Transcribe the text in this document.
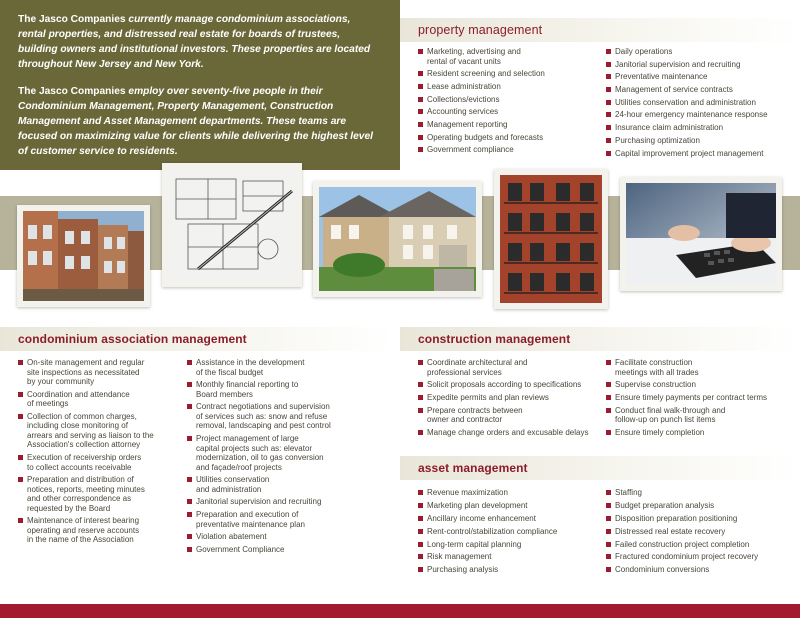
The Jasco Companies currently manage condominium associations, rental properties, and distressed real estate for boards of trustees, building owners and institutional investors. These properties are located throughout New Jersey and New York.

The Jasco Companies employ over seventy-five people in their Condominium Management, Property Management, Construction Management and Asset Management departments. These teams are focused on maximizing value for clients while delivering the highest level of customer service to residents.

property management
Marketing, advertising and
rental of vacant units
Resident screening and selection
Lease administration
Collections/evictions
Accounting services
Management reporting
Operating budgets and forecasts
Government compliance
Daily operations
Janitorial supervision and recruiting
Preventative maintenance
Management of service contracts
Utilities conservation and administration
24-hour emergency maintenance response
Insurance claim administration
Purchasing optimization
Capital improvement project management
condominium association management
On-site management and regular
site inspections as necessitated
by your community
Coordination and attendance
of meetings
Collection of common charges,
including close monitoring of
arrears and serving as liaison to the
Association's collection attorney
Execution of receivership orders
to collect accounts receivable
Preparation and distribution of
notices, reports, meeting minutes
and other correspondence as
requested by the Board
Maintenance of interest bearing
operating and reserve accounts
in the name of the Association
Assistance in the development
of the fiscal budget
Monthly financial reporting to
Board members
Contract negotiations and supervision
of services such as: snow and refuse
removal, landscaping and pest control
Project management of large
capital projects such as: elevator
modernization, oil to gas conversion
and façade/roof projects
Utilities conservation
and administration
Janitorial supervision and recruiting
Preparation and execution of
preventative maintenance plan
Violation abatement
Government Compliance
construction management
Coordinate architectural and
professional services
Solicit proposals according to specifications
Expedite permits and plan reviews
Prepare contracts between
owner and contractor
Manage change orders and excusable delays
Facilitate construction
meetings with all trades
Supervise construction
Ensure timely payments per contract terms
Conduct final walk-through and
follow-up on punch list items
Ensure timely completion
asset management
Revenue maximization
Marketing plan development
Ancillary income enhancement
Rent-control/stabilization compliance
Long-term capital planning
Risk management
Purchasing analysis
Staffing
Budget preparation analysis
Disposition preparation positioning
Distressed real estate recovery
Failed construction project completion
Fractured condominium project recovery
Condominium conversions
